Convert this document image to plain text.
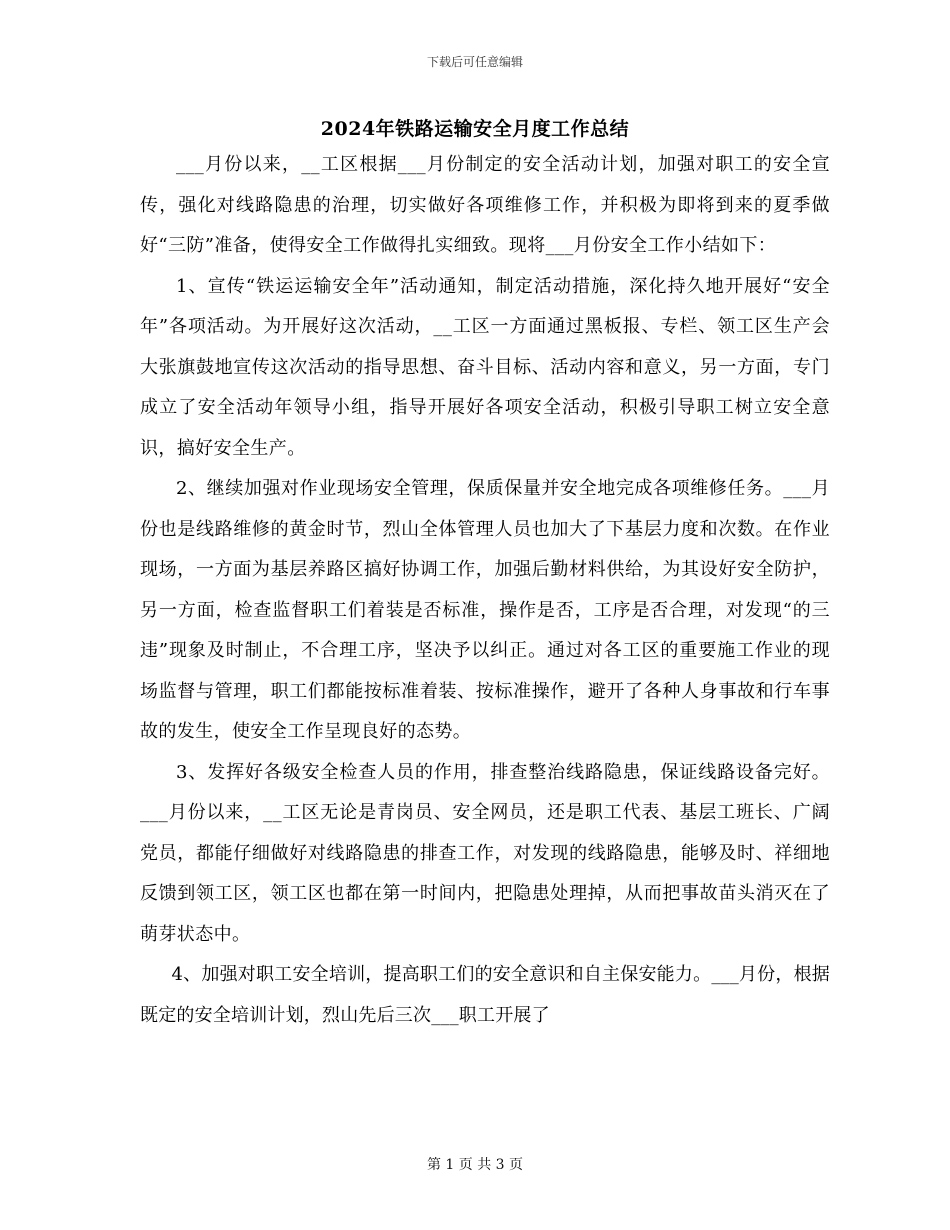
下载后可任意编辑
2024年铁路运输安全月度工作总结

___月份以来，__工区根据___月份制定的安全活动计划，加强对职工的安全宣传，强化对线路隐患的治理，切实做好各项维修工作，并积极为即将到来的夏季做好“三防”准备，使得安全工作做得扎实细致。现将___月份安全工作小结如下：

1、宣传“铁运运输安全年”活动通知，制定活动措施，深化持久地开展好“安全年”各项活动。为开展好这次活动，__工区一方面通过黑板报、专栏、领工区生产会大张旗鼓地宣传这次活动的指导思想、奋斗目标、活动内容和意义，另一方面，专门成立了安全活动年领导小组，指导开展好各项安全活动，积极引导职工树立安全意识，搞好安全生产。

2、继续加强对作业现场安全管理，保质保量并安全地完成各项维修任务。___月份也是线路维修的黄金时节，烈山全体管理人员也加大了下基层力度和次数。在作业现场，一方面为基层养路区搞好协调工作，加强后勤材料供给，为其设好安全防护，另一方面，检查监督职工们着装是否标准，操作是否，工序是否合理，对发现“的三违”现象及时制止，不合理工序，坚决予以纠正。通过对各工区的重要施工作业的现场监督与管理，职工们都能按标准着装、按标准操作，避开了各种人身事故和行车事故的发生，使安全工作呈现良好的态势。

3、发挥好各级安全检查人员的作用，排查整治线路隐患，保证线路设备完好。___月份以来，__工区无论是青岗员、安全网员，还是职工代表、基层工班长、广阔党员，都能仔细做好对线路隐患的排查工作，对发现的线路隐患，能够及时、祥细地反馈到领工区，领工区也都在第一时间内，把隐患处理掉，从而把事故苗头消灭在了萌芽状态中。

4、加强对职工安全培训，提高职工们的安全意识和自主保安能力。___月份，根据既定的安全培训计划，烈山先后三次___职工开展了

第 1 页 共 3 页
